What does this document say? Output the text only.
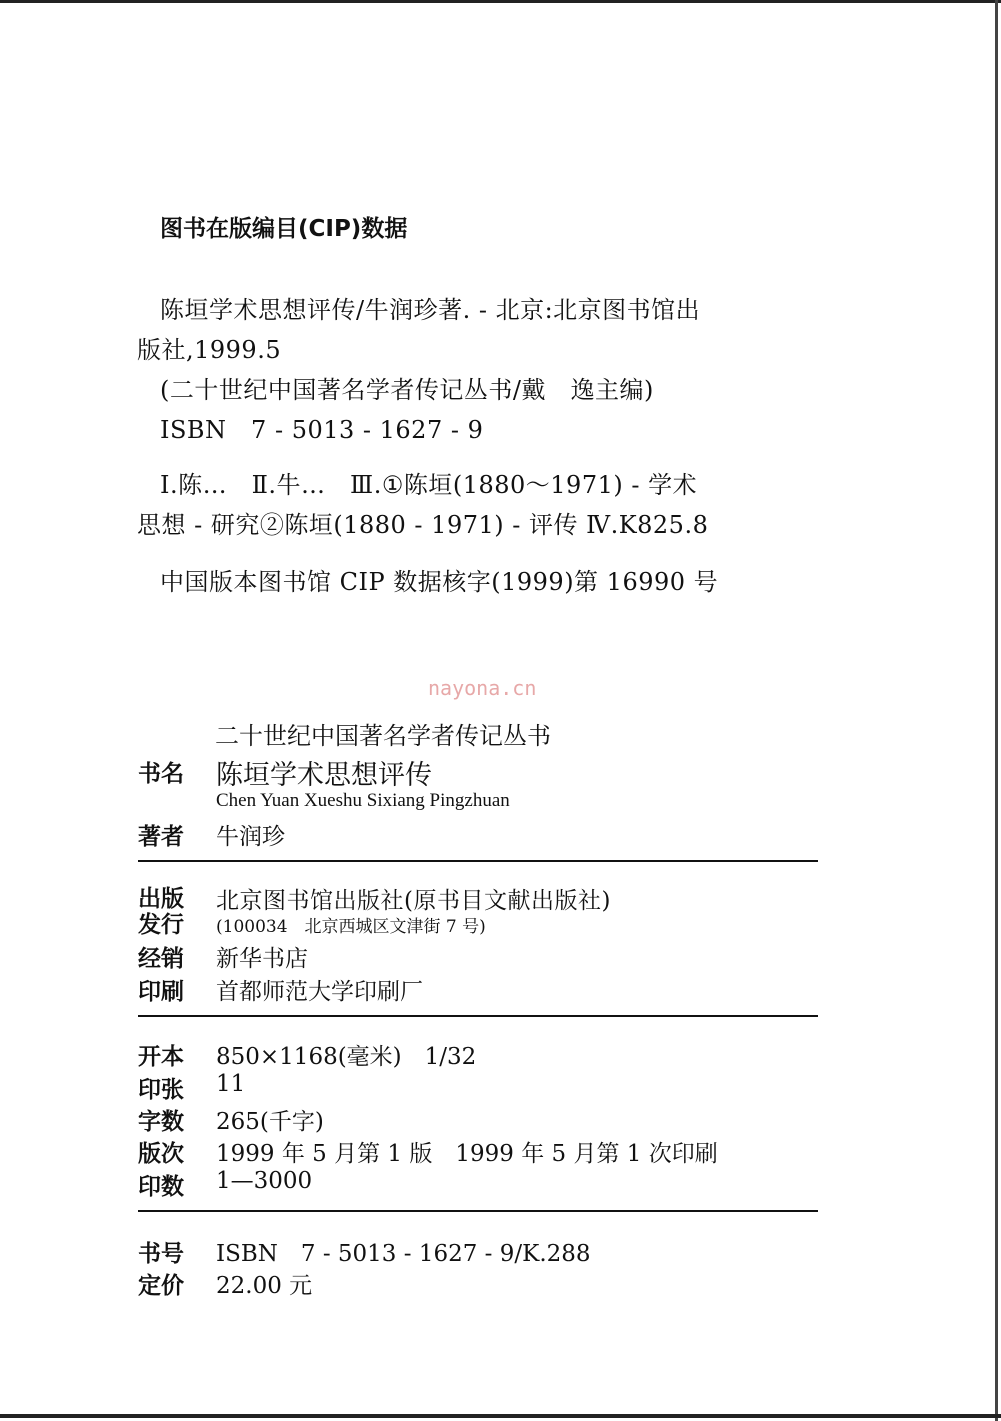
图书在版编目(CIP)数据
陈垣学术思想评传/牛润珍著. - 北京:北京图书馆出
版社,1999.5
(二十世纪中国著名学者传记丛书/戴　逸主编)
ISBN　7 - 5013 - 1627 - 9
Ⅰ.陈…　Ⅱ.牛…　Ⅲ.①陈垣(1880～1971) - 学术
思想 - 研究②陈垣(1880 - 1971) - 评传 Ⅳ.K825.8
中国版本图书馆 CIP 数据核字(1999)第 16990 号
nayona.cn
二十世纪中国著名学者传记丛书
书名 陈垣学术思想评传
Chen Yuan Xueshu Sixiang Pingzhuan
著者 牛润珍
出版
发行
北京图书馆出版社(原书目文献出版社)
(100034　北京西城区文津街 7 号)
经销 新华书店
印刷 首都师范大学印刷厂
开本 850×1168(毫米)　1/32
印张 11
字数 265(千字)
版次 1999 年 5 月第 1 版　1999 年 5 月第 1 次印刷
印数 1—3000
书号 ISBN　7 - 5013 - 1627 - 9/K.288
定价 22.00 元
